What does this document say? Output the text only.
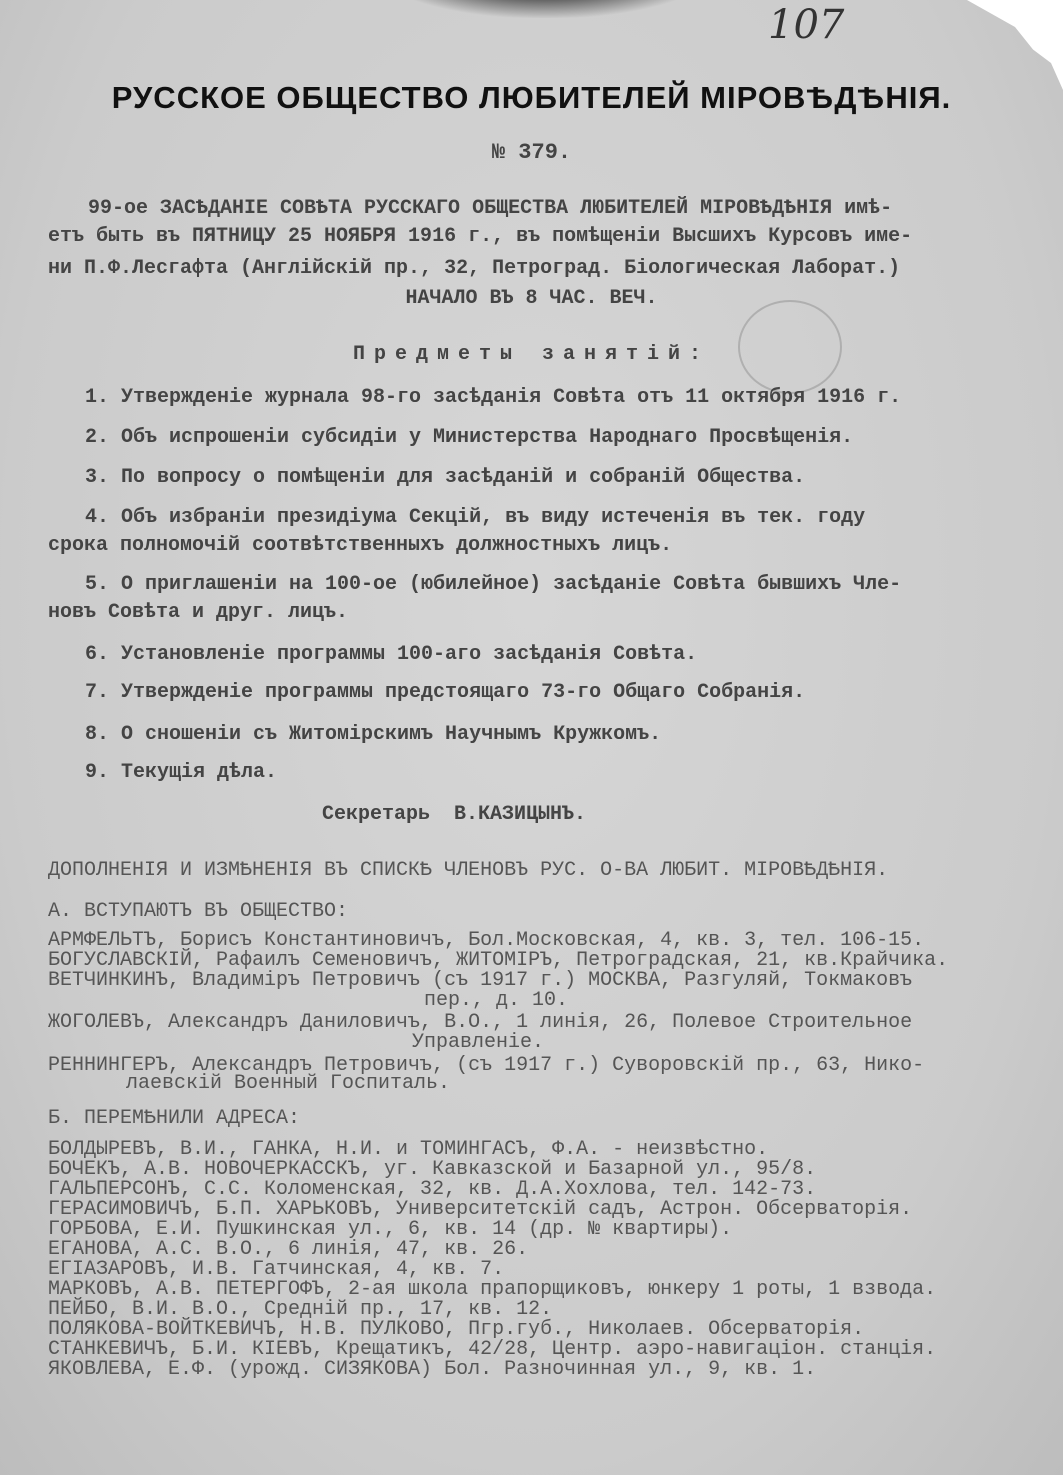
107
РУССКОЕ ОБЩЕСТВО ЛЮБИТЕЛЕЙ МІРОВѢДѢНІЯ.
№ 379.
99-ое ЗАСѢДАНІЕ СОВѢТА РУССКАГО ОБЩЕСТВА ЛЮБИТЕЛЕЙ МІРОВѢДѢНІЯ имѣ-
етъ быть въ ПЯТНИЦУ 25 НОЯБРЯ 1916 г., въ помѣщеніи Высшихъ Курсовъ име-
ни П.Ф.Лесгафта (Англійскій пр., 32, Петроград. Біологическая Лаборат.)
НАЧАЛО ВЪ 8 ЧАС. ВЕЧ.
Предметы занятій:
1. Утвержденіе журнала 98-го засѣданія Совѣта отъ 11 октября 1916 г.
2. Объ испрошеніи субсидіи у Министерства Народнаго Просвѣщенія.
3. По вопросу о помѣщеніи для засѣданій и собраній Общества.
4. Объ избраніи президіума Секцій, въ виду истеченія въ тек. году
срока полномочій соотвѣтственныхъ должностныхъ лицъ.
5. О приглашеніи на 100-ое (юбилейное) засѣданіе Совѣта бывшихъ Чле-
новъ Совѣта и друг. лицъ.
6. Установленіе программы 100-аго засѣданія Совѣта.
7. Утвержденіе программы предстоящаго 73-го Общаго Собранія.
8. О сношеніи съ Житомірскимъ Научнымъ Кружкомъ.
9. Текущія дѣла.
Секретарь  В.КАЗИЦЫНЪ.
ДОПОЛНЕНІЯ И ИЗМѢНЕНІЯ ВЪ СПИСКѢ ЧЛЕНОВЪ РУС. О-ВА ЛЮБИТ. МІРОВѢДѢНІЯ.
А. ВСТУПАЮТЪ ВЪ ОБЩЕСТВО:
АРМФЕЛЬТЪ, Борисъ Константиновичъ, Бол.Московская, 4, кв. 3, тел. 106-15.
БОГУСЛАВСКІЙ, Рафаилъ Семеновичъ, ЖИТОМІРЪ, Петроградская, 21, кв.Крайчика.
ВЕТЧИНКИНЪ, Владиміръ Петровичъ (съ 1917 г.) МОСКВА, Разгуляй, Токмаковъ
пер., д. 10.
ЖОГОЛЕВЪ, Александръ Даниловичъ, В.О., 1 линія, 26, Полевое Строительное
Управленіе.
РЕННИНГЕРЪ, Александръ Петровичъ, (съ 1917 г.) Суворовскій пр., 63, Нико-
лаевскій Военный Госпиталь.
Б. ПЕРЕМѢНИЛИ АДРЕСА:
БОЛДЫРЕВЪ, В.И., ГАНКА, Н.И. и ТОМИНГАСЪ, Ф.А. - неизвѣстно.
БОЧЕКЪ, А.В. НОВОЧЕРКАССКЪ, уг. Кавказской и Базарной ул., 95/8.
ГАЛЬПЕРСОНЪ, С.С. Коломенская, 32, кв. Д.А.Хохлова, тел. 142-73.
ГЕРАСИМОВИЧЪ, Б.П. ХАРЬКОВЪ, Университетскій садъ, Астрон. Обсерваторія.
ГОРБОВА, Е.И. Пушкинская ул., 6, кв. 14 (др. № квартиры).
ЕГАНОВА, А.С. В.О., 6 линія, 47, кв. 26.
ЕГІАЗАРОВЪ, И.В. Гатчинская, 4, кв. 7.
МАРКОВЪ, А.В. ПЕТЕРГОФЪ, 2-ая школа прапорщиковъ, юнкеру 1 роты, 1 взвода.
ПЕЙБО, В.И. В.О., Средній пр., 17, кв. 12.
ПОЛЯКОВА-ВОЙТКЕВИЧЪ, Н.В. ПУЛКОВО, Пгр.губ., Николаев. Обсерваторія.
СТАНКЕВИЧЪ, Б.И. КІЕВЪ, Крещатикъ, 42/28, Центр. аэро-навигаціон. станція.
ЯКОВЛЕВА, Е.Ф. (урожд. СИЗЯКОВА) Бол. Разночинная ул., 9, кв. 1.
